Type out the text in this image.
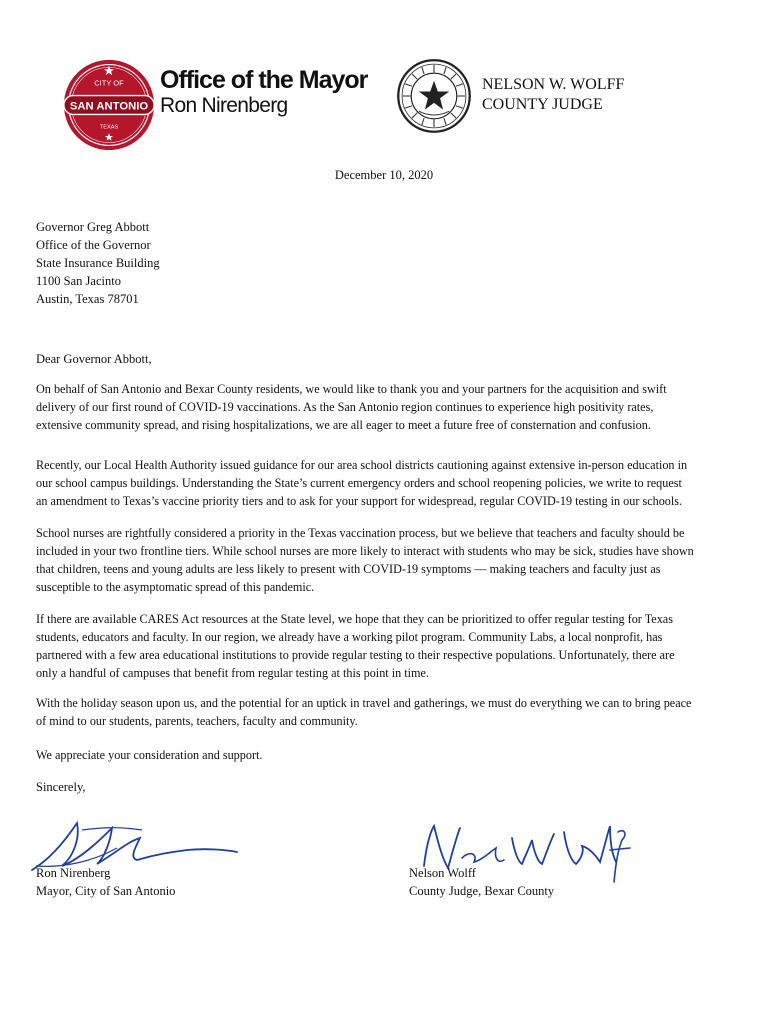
CITY OF
SAN ANTONIO
TEXAS
Office of the Mayor
Ron Nirenberg
NELSON W. WOLFF
COUNTY JUDGE
December 10, 2020
Governor Greg Abbott
Office of the Governor
State Insurance Building
1100 San Jacinto
Austin, Texas 78701
Dear Governor Abbott,
On behalf of San Antonio and Bexar County residents, we would like to thank you and your partners for the acquisition and swift
delivery of our first round of COVID-19 vaccinations. As the San Antonio region continues to experience high positivity rates,
extensive community spread, and rising hospitalizations, we are all eager to meet a future free of consternation and confusion.
Recently, our Local Health Authority issued guidance for our area school districts cautioning against extensive in-person education in
our school campus buildings. Understanding the State’s current emergency orders and school reopening policies, we write to request
an amendment to Texas’s vaccine priority tiers and to ask for your support for widespread, regular COVID-19 testing in our schools.
School nurses are rightfully considered a priority in the Texas vaccination process, but we believe that teachers and faculty should be
included in your two frontline tiers. While school nurses are more likely to interact with students who may be sick, studies have shown
that children, teens and young adults are less likely to present with COVID-19 symptoms — making teachers and faculty just as
susceptible to the asymptomatic spread of this pandemic.
If there are available CARES Act resources at the State level, we hope that they can be prioritized to offer regular testing for Texas
students, educators and faculty. In our region, we already have a working pilot program. Community Labs, a local nonprofit, has
partnered with a few area educational institutions to provide regular testing to their respective populations. Unfortunately, there are
only a handful of campuses that benefit from regular testing at this point in time.
With the holiday season upon us, and the potential for an uptick in travel and gatherings, we must do everything we can to bring peace
of mind to our students, parents, teachers, faculty and community.
We appreciate your consideration and support.
Sincerely,
Ron Nirenberg
Mayor, City of San Antonio
Nelson Wolff
County Judge, Bexar County
